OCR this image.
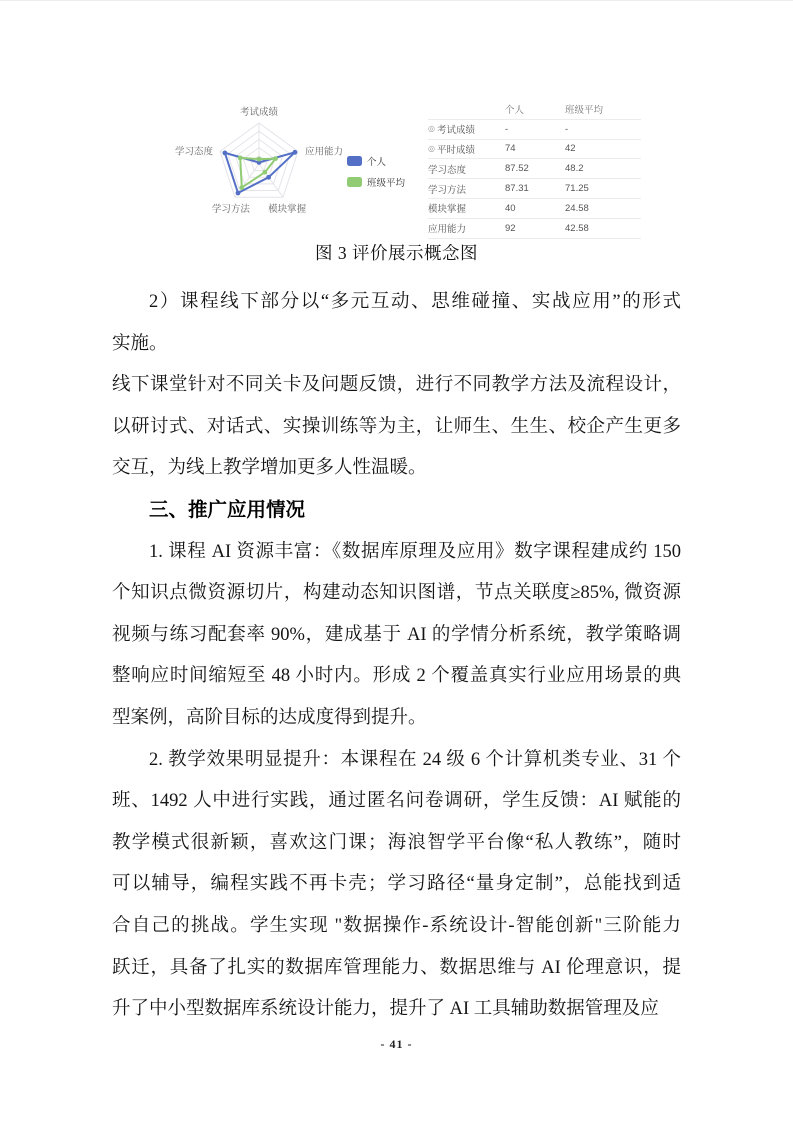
考试成绩
应用能力
模块掌握
学习方法
学习态度
个人
班级平均
个人	班级平均
◎ 考试成绩	-	-
◎ 平时成绩	74	42
学习态度	87.52	48.2
学习方法	87.31	71.25
模块掌握	40	24.58
应用能力	92	42.58
图 3 评价展示概念图
2）课程线下部分以“多元互动、思维碰撞、实战应用”的形式
实施。
线下课堂针对不同关卡及问题反馈，进行不同教学方法及流程设计，
以研讨式、对话式、实操训练等为主，让师生、生生、校企产生更多
交互，为线上教学增加更多人性温暖。
三、推广应用情况
1. 课程 AI 资源丰富：《数据库原理及应用》数字课程建成约 150
个知识点微资源切片，构建动态知识图谱，节点关联度≥85%, 微资源
视频与练习配套率 90%，建成基于 AI 的学情分析系统，教学策略调
整响应时间缩短至 48 小时内。形成 2 个覆盖真实行业应用场景的典
型案例，高阶目标的达成度得到提升。
2. 教学效果明显提升：本课程在 24 级 6 个计算机类专业、31 个
班、1492 人中进行实践，通过匿名问卷调研，学生反馈：AI 赋能的
教学模式很新颖，喜欢这门课；海浪智学平台像“私人教练”，随时
可以辅导，编程实践不再卡壳；学习路径“量身定制”，总能找到适
合自己的挑战。学生实现 "数据操作-系统设计-智能创新"三阶能力
跃迁，具备了扎实的数据库管理能力、数据思维与 AI 伦理意识，提
升了中小型数据库系统设计能力，提升了 AI 工具辅助数据管理及应
- 41 -
